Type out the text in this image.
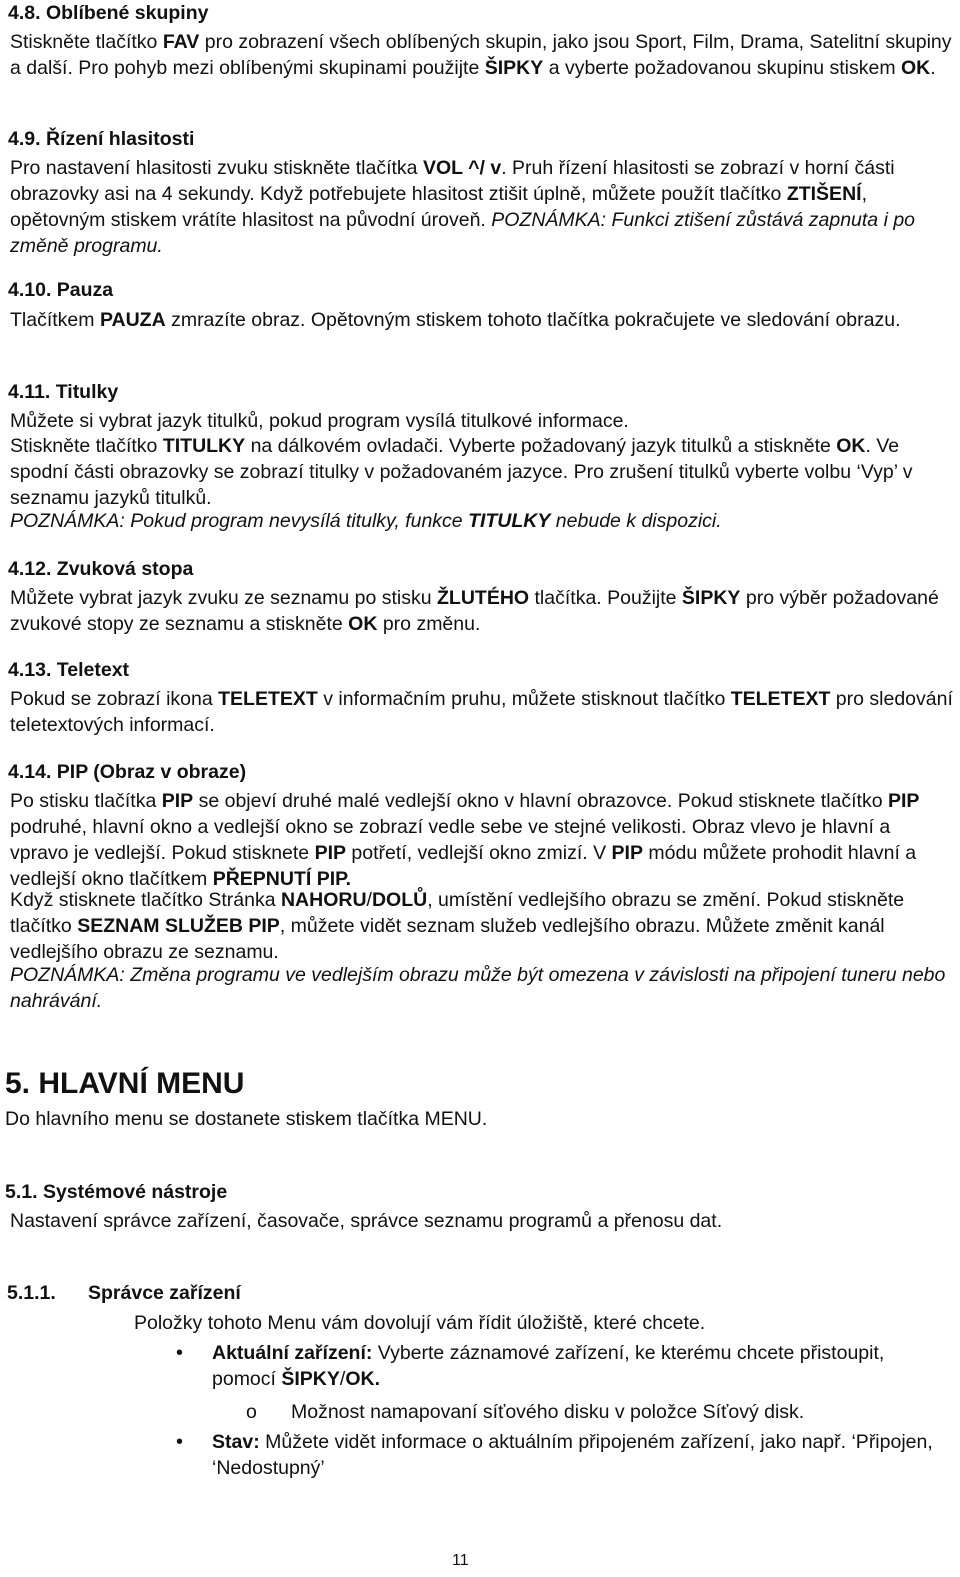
4.8. Oblíbené skupiny

Stiskněte tlačítko FAV pro zobrazení všech oblíbených skupin, jako jsou Sport, Film, Drama, Satelitní skupiny a další. Pro pohyb mezi oblíbenými skupinami použijte ŠIPKY a vyberte požadovanou skupinu stiskem OK.

4.9. Řízení hlasitosti

Pro nastavení hlasitosti zvuku stiskněte tlačítka VOL ^/ v. Pruh řízení hlasitosti se zobrazí v horní části obrazovky asi na 4 sekundy. Když potřebujete hlasitost ztišit úplně, můžete použít tlačítko ZTIŠENÍ, opětovným stiskem vrátíte hlasitost na původní úroveň. POZNÁMKA: Funkci ztišení zůstává zapnuta i po změně programu.

4.10. Pauza

Tlačítkem PAUZA zmrazíte obraz. Opětovným stiskem tohoto tlačítka pokračujete ve sledování obrazu.

4.11. Titulky

Můžete si vybrat jazyk titulků, pokud program vysílá titulkové informace.

Stiskněte tlačítko TITULKY na dálkovém ovladači. Vyberte požadovaný jazyk titulků a stiskněte OK. Ve spodní části obrazovky se zobrazí titulky v požadovaném jazyce. Pro zrušení titulků vyberte volbu ‘Vyp’ v seznamu jazyků titulků.

POZNÁMKA: Pokud program nevysílá titulky, funkce TITULKY nebude k dispozici.

4.12. Zvuková stopa

Můžete vybrat jazyk zvuku ze seznamu po stisku ŽLUTÉHO tlačítka. Použijte ŠIPKY pro výběr požadované zvukové stopy ze seznamu a stiskněte OK pro změnu.

4.13. Teletext

Pokud se zobrazí ikona TELETEXT v informačním pruhu, můžete stisknout tlačítko TELETEXT pro sledování teletextových informací.

4.14. PIP (Obraz v obraze)

Po stisku tlačítka PIP se objeví druhé malé vedlejší okno v hlavní obrazovce. Pokud stisknete tlačítko PIP podruhé, hlavní okno a vedlejší okno se zobrazí vedle sebe ve stejné velikosti. Obraz vlevo je hlavní a vpravo je vedlejší. Pokud stisknete PIP potřetí, vedlejší okno zmizí. V PIP módu můžete prohodit hlavní a vedlejší okno tlačítkem PŘEPNUTÍ PIP.

Když stisknete tlačítko Stránka NAHORU/DOLŮ, umístění vedlejšího obrazu se změní. Pokud stiskněte tlačítko SEZNAM SLUŽEB PIP, můžete vidět seznam služeb vedlejšího obrazu. Můžete změnit kanál vedlejšího obrazu ze seznamu.

POZNÁMKA: Změna programu ve vedlejším obrazu může být omezena v závislosti na připojení tuneru nebo nahrávání.

5. HLAVNÍ MENU

Do hlavního menu se dostanete stiskem tlačítka MENU.

5.1. Systémové nástroje

Nastavení správce zařízení, časovače, správce seznamu programů a přenosu dat.

5.1.1. Správce zařízení

Položky tohoto Menu vám dovolují vám řídit úložiště, které chcete.

• Aktuální zařízení: Vyberte záznamové zařízení, ke kterému chcete přistoupit, pomocí ŠIPKY/OK.

o Možnost namapovaní síťového disku v položce Síťový disk.

• Stav: Můžete vidět informace o aktuálním připojeném zařízení, jako např. ‘Připojen, ‘Nedostupný’

11
